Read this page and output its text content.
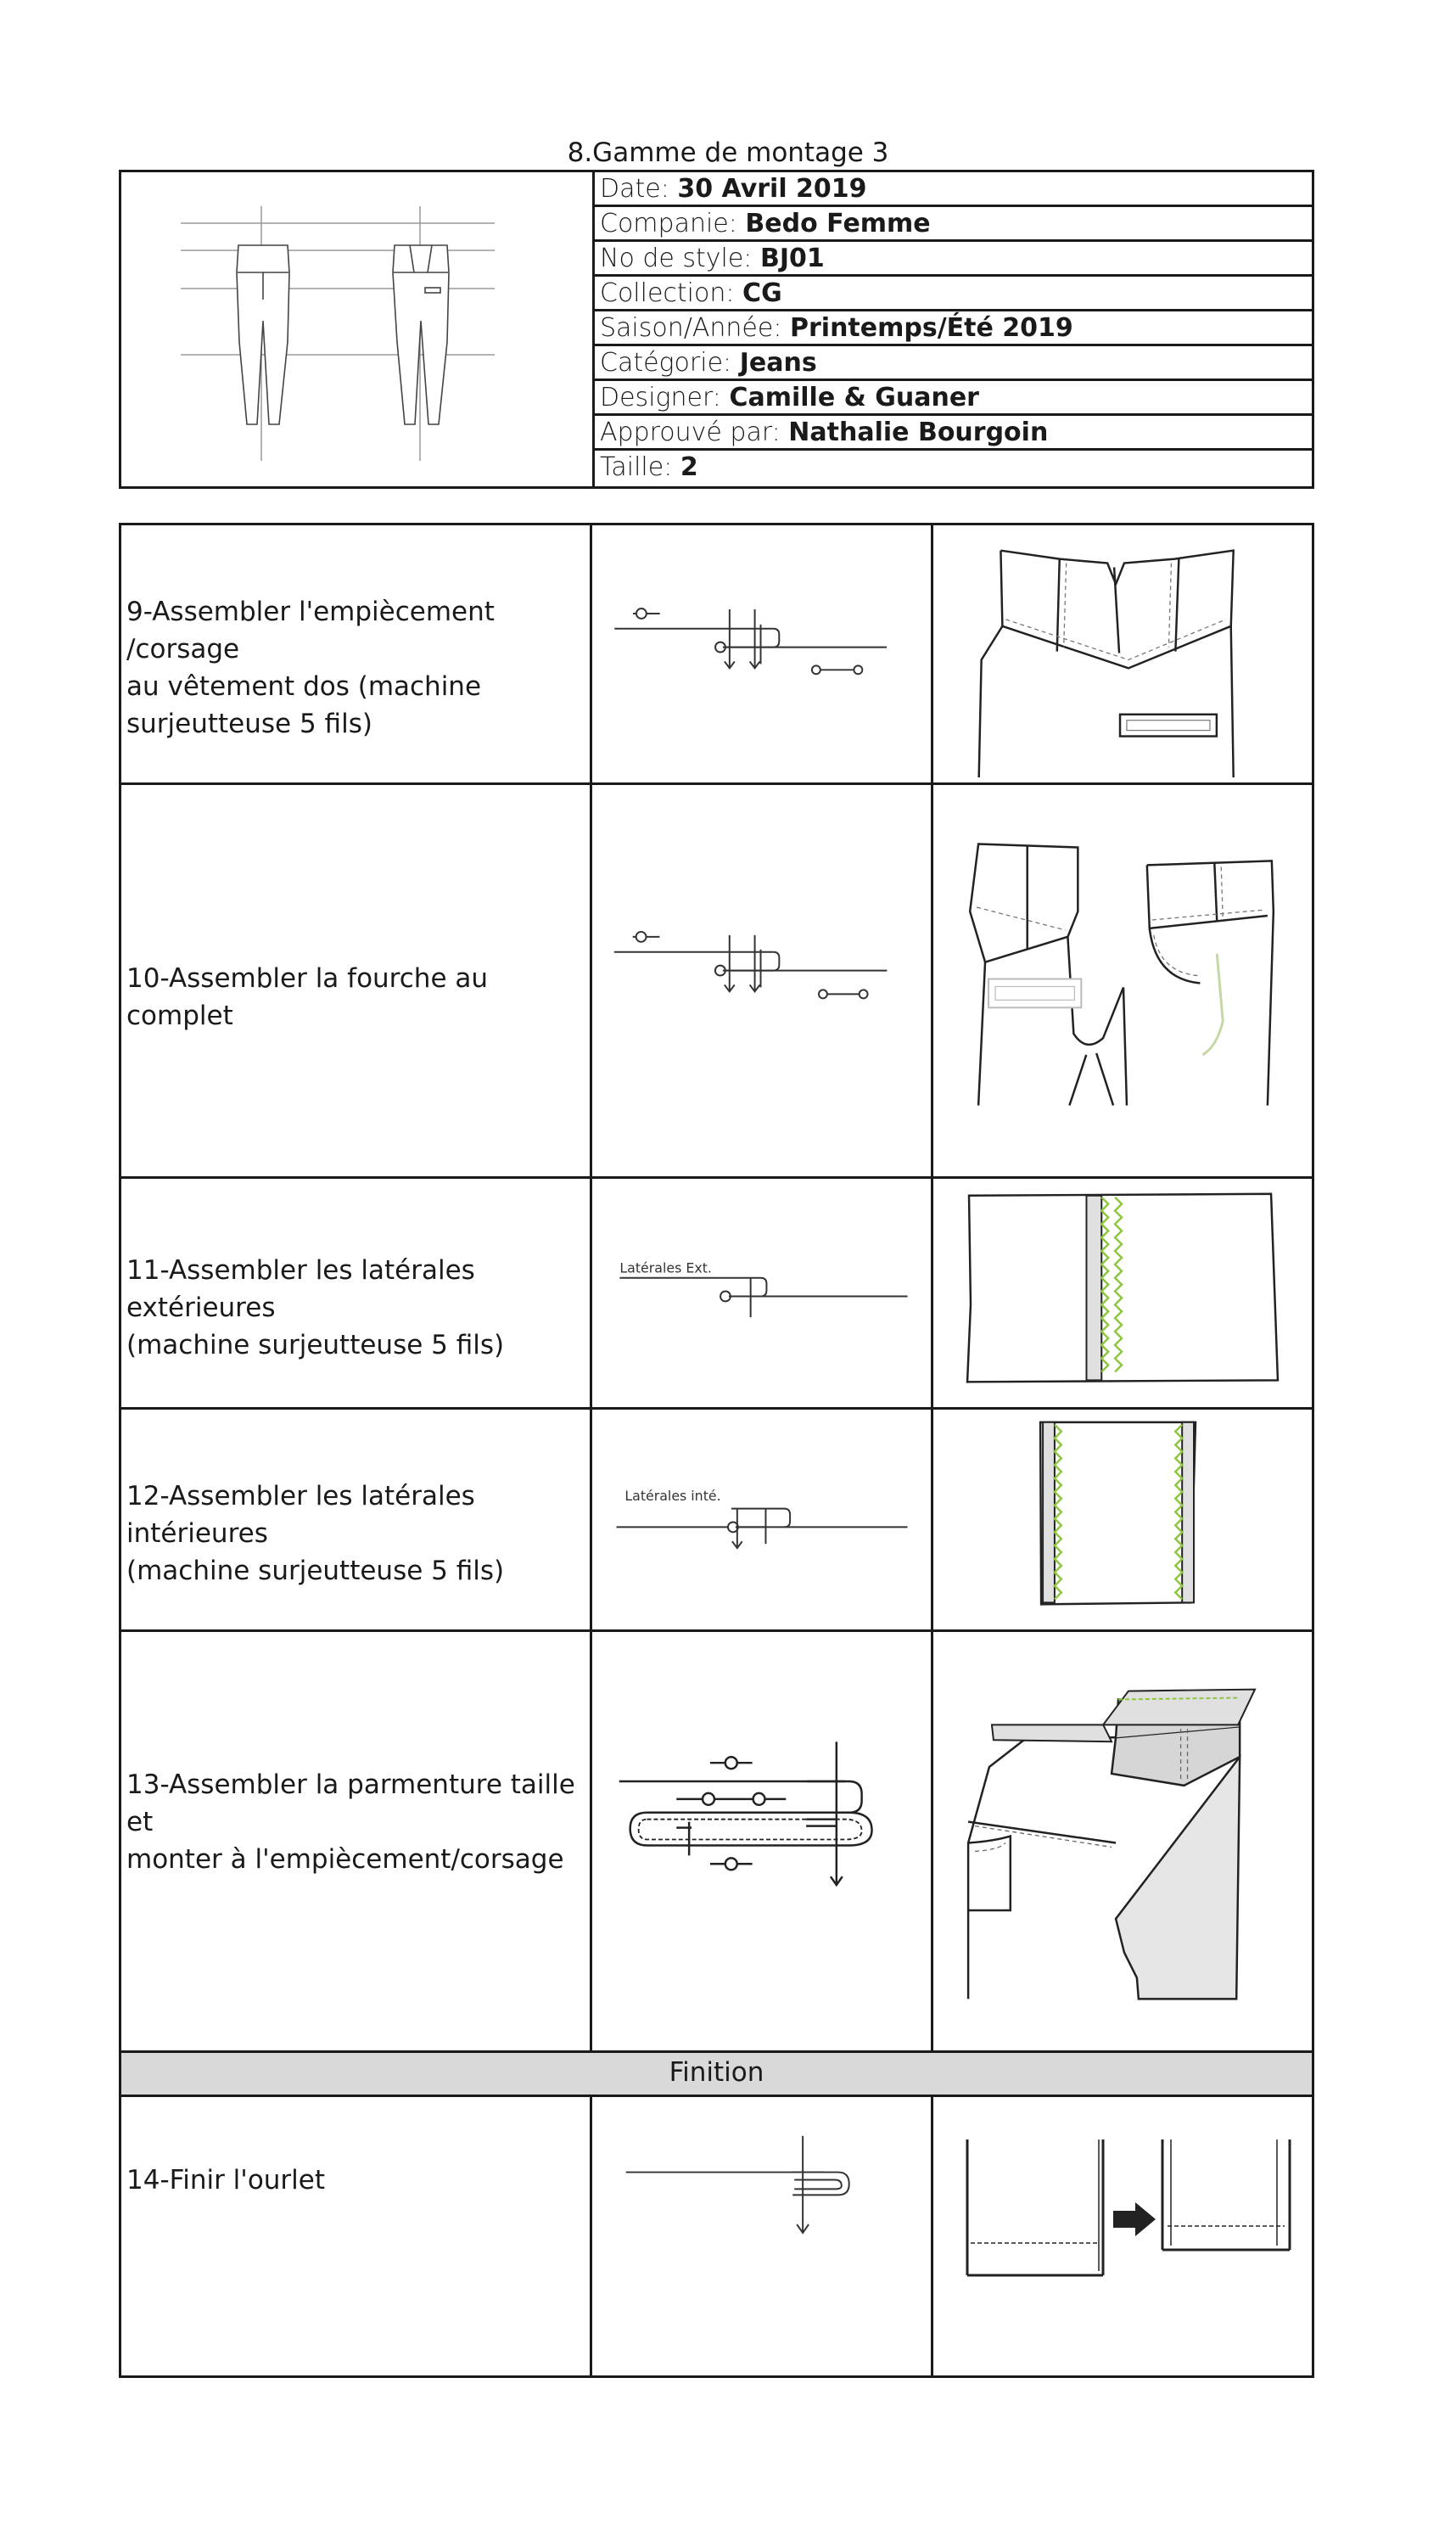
8.Gamme de montage 3
Date: 30 Avril 2019
Companie: Bedo Femme
No de style: BJ01
Collection: CG
Saison/Année: Printemps/Été 2019
Catégorie: Jeans
Designer: Camille & Guaner
Approuvé par: Nathalie Bourgoin
Taille: 2
9-Assembler l'empiècement /corsage
au vêtement dos (machine
surjeutteuse 5 fils)
10-Assembler la fourche au complet
11-Assembler les latérales extérieures
(machine surjeutteuse 5 fils)
Latérales Ext.
12-Assembler les latérales intérieures
(machine surjeutteuse 5 fils)
Latérales inté.
13-Assembler la parmenture taille et
monter à l'empiècement/corsage
Finition
14-Finir l'ourlet
